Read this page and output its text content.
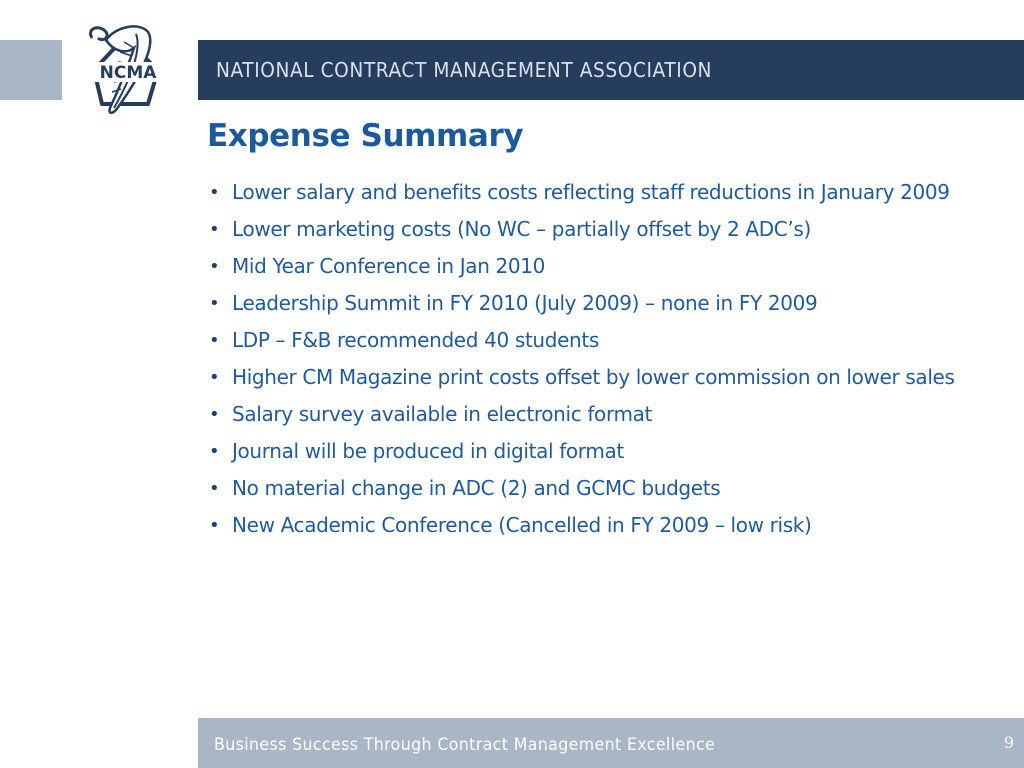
NCMA	NATIONAL CONTRACT MANAGEMENT ASSOCIATION
Expense Summary
• Lower salary and benefits costs reflecting staff reductions in January 2009
• Lower marketing costs (No WC – partially offset by 2 ADC’s)
• Mid Year Conference in Jan 2010
• Leadership Summit in FY 2010 (July 2009) – none in FY 2009
• LDP – F&B recommended 40 students
• Higher CM Magazine print costs offset by lower commission on lower sales
• Salary survey available in electronic format
• Journal will be produced in digital format
• No material change in ADC (2) and GCMC budgets
• New Academic Conference (Cancelled in FY 2009 – low risk)
Business Success Through Contract Management Excellence	9
